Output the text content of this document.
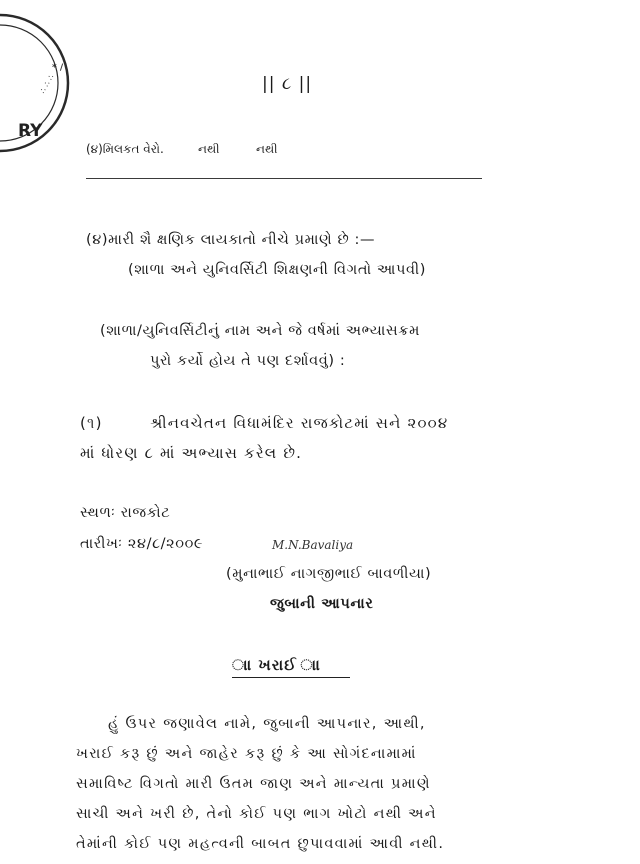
∴ ∴ ∴
* /
RY
|| ૮ ||
(૪)મિલકત વેરો.	નથી	નથી
(૪)મારી શૈ ક્ષણિક લાયકાતો નીચે પ્રમાણે છે :—
(શાળા અને યુનિવર્સિટી શિક્ષણની વિગતો આપવી)
(શાળા/યુનિવર્સિટીનું નામ અને જે વર્ષમાં અભ્યાસક્રમ
પુરો કર્યો હોય તે પણ દર્શાવવું) :
(૧)	શ્રીનવચેતન વિધામંદિર રાજકોટમાં સને ૨૦૦૪
માં ધોરણ ૮ માં અભ્યાસ કરેલ છે.
સ્થળઃ રાજકોટ
તારીખઃ ૨૪/૮/૨૦૦૯	M.N.Bavaliya
(મુનાભાઈ નાગજીભાઈ બાવળીયા)
જુબાની આપનાર
ાા ખરાઈ ાા
હું ઉપર જણાવેલ નામે, જુબાની આપનાર, આથી,
ખરાઈ કરૂ છું અને જાહેર કરૂ છું કે આ સોગંદનામામાં
સમાવિષ્ટ વિગતો મારી ઉતમ જાણ અને માન્યતા પ્રમાણે
સાચી અને ખરી છે, તેનો કોઈ પણ ભાગ ખોટો નથી અને
તેમાંની કોઈ પણ મહત્વની બાબત છુપાવવામાં આવી નથી.
